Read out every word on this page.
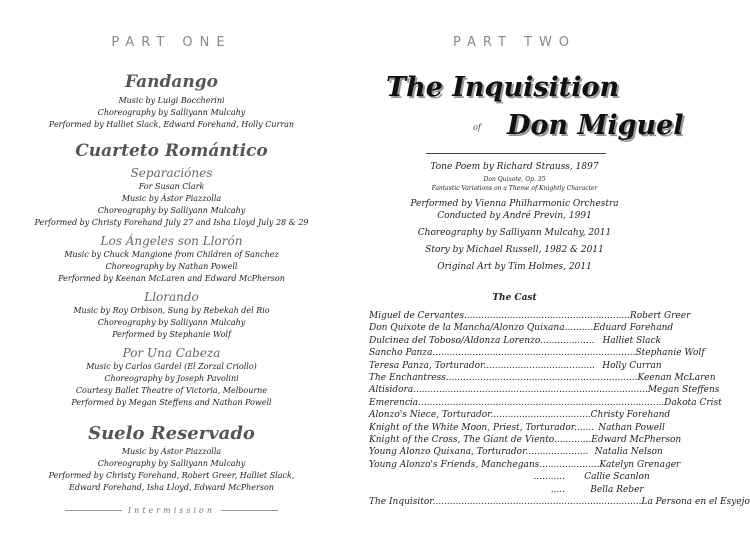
PART ONE
Fandango
Music by Luigi Boccherini
Choreography by Salliyann Mulcahy
Performed by Halliet Slack, Edward Forehand, Holly Curran
Cuarteto Romántico
Separaciónes
For Susan Clark
Music by Ástor Piazzolla
Choreography by Salliyann Mulcahy
Performed by Christy Forehand July 27 and Isha Lloyd July 28 & 29
Los Ángeles son Llorón
Music by Chuck Mangione from Children of Sanchez
Choreography by Nathan Powell
Performed by Keenan McLaren and Edward McPherson
Llorando
Music by Roy Orbison, Sung by Rebekah del Rio
Choreography by Salliyann Mulcahy
Performed by Stephanie Wolf
Por Una Cabeza
Music by Carlos Gardel (El Zorzal Criollo)
Choreography by Joseph Pavolini
Courtesy Ballet Theatre of Victoria, Melbourne
Performed by Megan Steffens and Nathan Powell
Suelo Reservado
Music by Ástor Piazzolla
Choreography by Salliyann Mulcahy
Performed by Christy Forehand, Robert Greer, Halliet Slack,
Edward Forehand, Isha Lloyd, Edward McPherson
Intermission
PART TWO
The Inquisition
of Don Miguel
Tone Poem by Richard Strauss, 1897
Don Quixote, Op. 35
Fantastic Variations on a Theme of Knightly Character
Performed by Vienna Philharmonic Orchestra
Conducted by André Previn, 1991
Choreography by Salliyann Mulcahy, 2011
Story by Michael Russell, 1982 & 2011
Original Art by Tim Holmes, 2011
The Cast
Miguel de Cervantes.......................................................... Robert Greer
Don Quixote de la Mancha/Alonzo Quixana.......... Eduard Forehand
Dulcinea del Toboso/Aldonza Lorenzo................... Halliet Slack
Sancho Panza....................................................................... Stephanie Wolf
Teresa Panza, Torturador....................................... Holly Curran
The Enchantress................................................................... Keenan McLaren
Altisidora.................................................................................. Megan Steffens
Emerencia...................................................................................... Dakota Crist
Alonzo's Niece, Torturador................................... Christy Forehand
Knight of the White Moon, Priest, Torturador....... Nathan Powell
Knight of the Cross, The Giant de Viento............. Edward McPherson
Young Alonzo Quixana, Torturador...................... Natalia Nelson
Young Alonzo's Friends, Manchegans..................... Katelyn Grenager
...........	Callie Scanlon
.....	Bella Reber
The Inquisitor......................................................................... La Persona en el Esyejo
